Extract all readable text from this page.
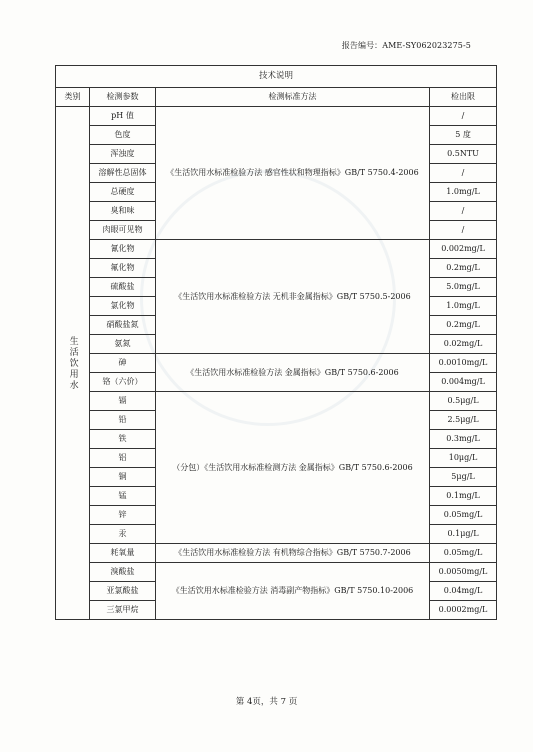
报告编号：AME-SY062023275-5
技术说明			
类别	检测参数	检测标准方法	检出限
生活饮用水	pH 值	《生活饮用水标准检验方法 感官性状和物理指标》GB/T 5750.4-2006	/
	色度		5 度
	浑浊度		0.5NTU
	溶解性总固体		/
	总硬度		1.0mg/L
	臭和味		/
	肉眼可见物		/
	氰化物	《生活饮用水标准检验方法 无机非金属指标》GB/T 5750.5-2006	0.002mg/L
	氟化物		0.2mg/L
	硫酸盐		5.0mg/L
	氯化物		1.0mg/L
	硝酸盐氮		0.2mg/L
	氨氮		0.02mg/L
	砷	《生活饮用水标准检验方法 金属指标》GB/T 5750.6-2006	0.0010mg/L
	铬（六价）		0.004mg/L
	镉	（分包）《生活饮用水标准检测方法 金属指标》GB/T 5750.6-2006	0.5μg/L
	铅		2.5μg/L
	铁		0.3mg/L
	铝		10μg/L
	铜		5μg/L
	锰		0.1mg/L
	锌		0.05mg/L
	汞		0.1μg/L
	耗氧量	《生活饮用水标准检验方法 有机物综合指标》GB/T 5750.7-2006	0.05mg/L
	溴酸盐	《生活饮用水标准检验方法 消毒副产物指标》GB/T 5750.10-2006	0.0050mg/L
	亚氯酸盐		0.04mg/L
	三氯甲烷		0.0002mg/L
第 4页，共 7 页
